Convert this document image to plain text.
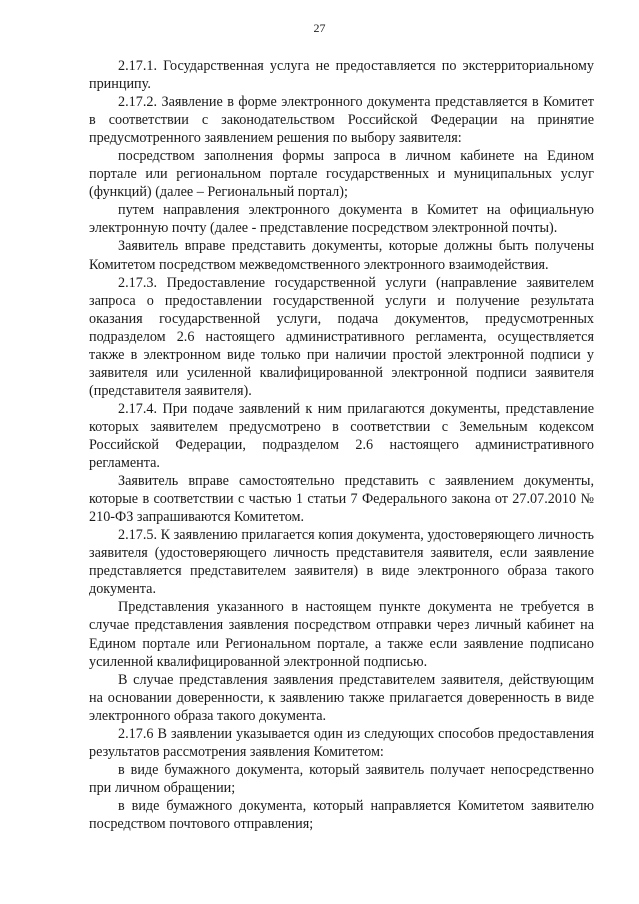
27

2.17.1. Государственная услуга не предоставляется по экстерриториальному принципу.

2.17.2. Заявление в форме электронного документа представляется в Комитет в соответствии с законодательством Российской Федерации на принятие предусмотренного заявлением решения по выбору заявителя:

посредством заполнения формы запроса в личном кабинете на Едином портале или региональном портале государственных и муниципальных услуг (функций) (далее – Региональный портал);

путем направления электронного документа в Комитет на официальную электронную почту (далее - представление посредством электронной почты).

Заявитель вправе представить документы, которые должны быть получены Комитетом посредством межведомственного электронного взаимодействия.

2.17.3. Предоставление государственной услуги (направление заявителем запроса о предоставлении государственной услуги и получение результата оказания государственной услуги, подача документов, предусмотренных подразделом 2.6 настоящего административного регламента, осуществляется также в электронном виде только при наличии простой электронной подписи у заявителя или усиленной квалифицированной электронной подписи заявителя (представителя заявителя).

2.17.4. При подаче заявлений к ним прилагаются документы, представление которых заявителем предусмотрено в соответствии с Земельным кодексом Российской Федерации, подразделом 2.6 настоящего административного регламента.

Заявитель вправе самостоятельно представить с заявлением документы, которые в соответствии с частью 1 статьи 7 Федерального закона от 27.07.2010 № 210-ФЗ запрашиваются Комитетом.

2.17.5. К заявлению прилагается копия документа, удостоверяющего личность заявителя (удостоверяющего личность представителя заявителя, если заявление представляется представителем заявителя) в виде электронного образа такого документа.

Представления указанного в настоящем пункте документа не требуется в случае представления заявления посредством отправки через личный кабинет на Едином портале или Региональном портале, а также если заявление подписано усиленной квалифицированной электронной подписью.

В случае представления заявления представителем заявителя, действующим на основании доверенности, к заявлению также прилагается доверенность в виде электронного образа такого документа.

2.17.6 В заявлении указывается один из следующих способов предоставления результатов рассмотрения заявления Комитетом:

в виде бумажного документа, который заявитель получает непосредственно при личном обращении;

в виде бумажного документа, который направляется Комитетом заявителю посредством почтового отправления;
